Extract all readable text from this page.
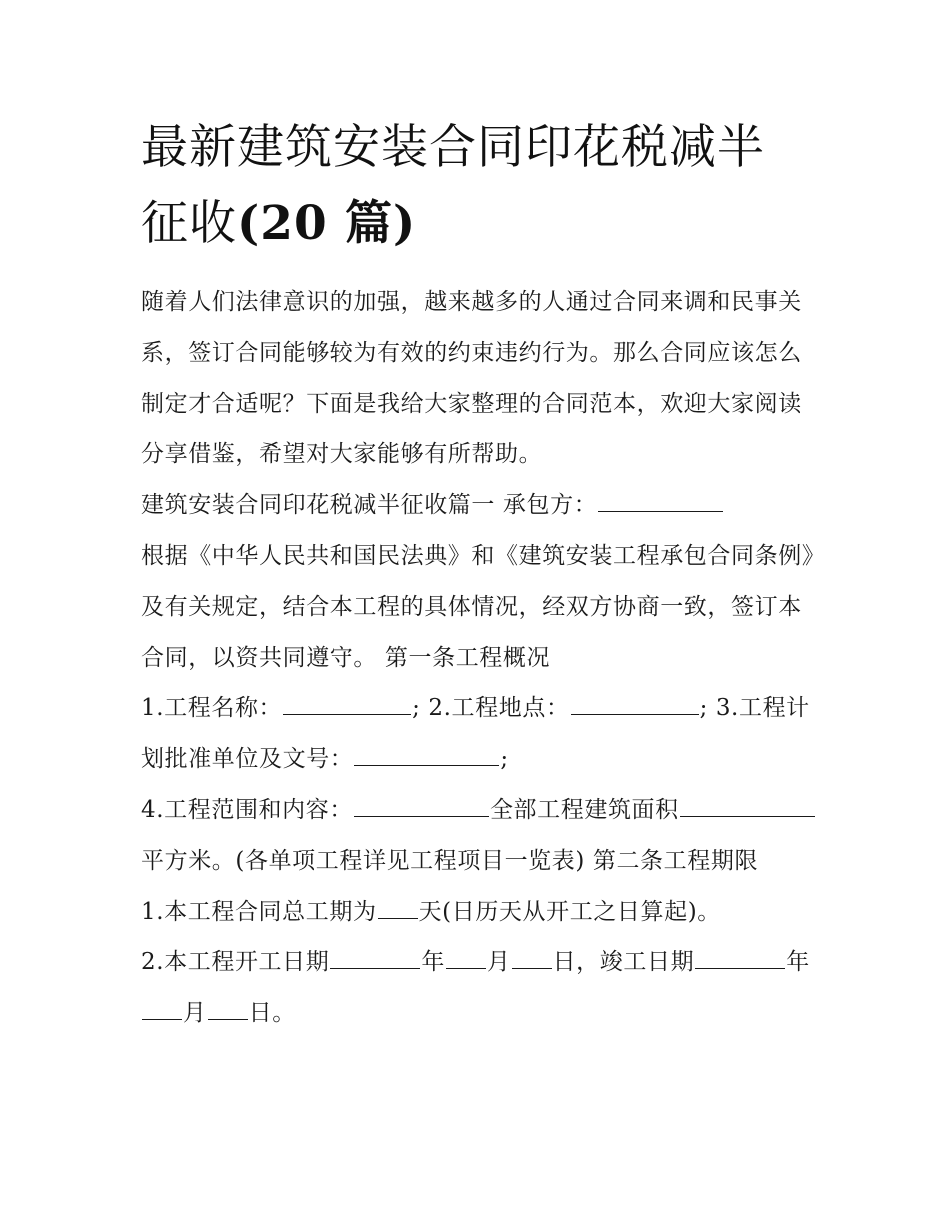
最新建筑安装合同印花税减半
征收(20 篇)

随着人们法律意识的加强，越来越多的人通过合同来调和民事关系，签订合同能够较为有效的约束违约行为。那么合同应该怎么制定才合适呢？下面是我给大家整理的合同范本，欢迎大家阅读分享借鉴，希望对大家能够有所帮助。

建筑安装合同印花税减半征收篇一 承包方：

根据《中华人民共和国民法典》和《建筑安装工程承包合同条例》及有关规定，结合本工程的具体情况，经双方协商一致，签订本合同，以资共同遵守。 第一条工程概况

1.工程名称：	; 2.工程地点：	; 3.工程计划批准单位及文号：	;

4.工程范围和内容：	全部工程建筑面积平方米。(各单项工程详见工程项目一览表) 第二条工程期限

1.本工程合同总工期为 天(日历天从开工之日算起)。

2.本工程开工日期	年 月 日，竣工日期	年月 日。
